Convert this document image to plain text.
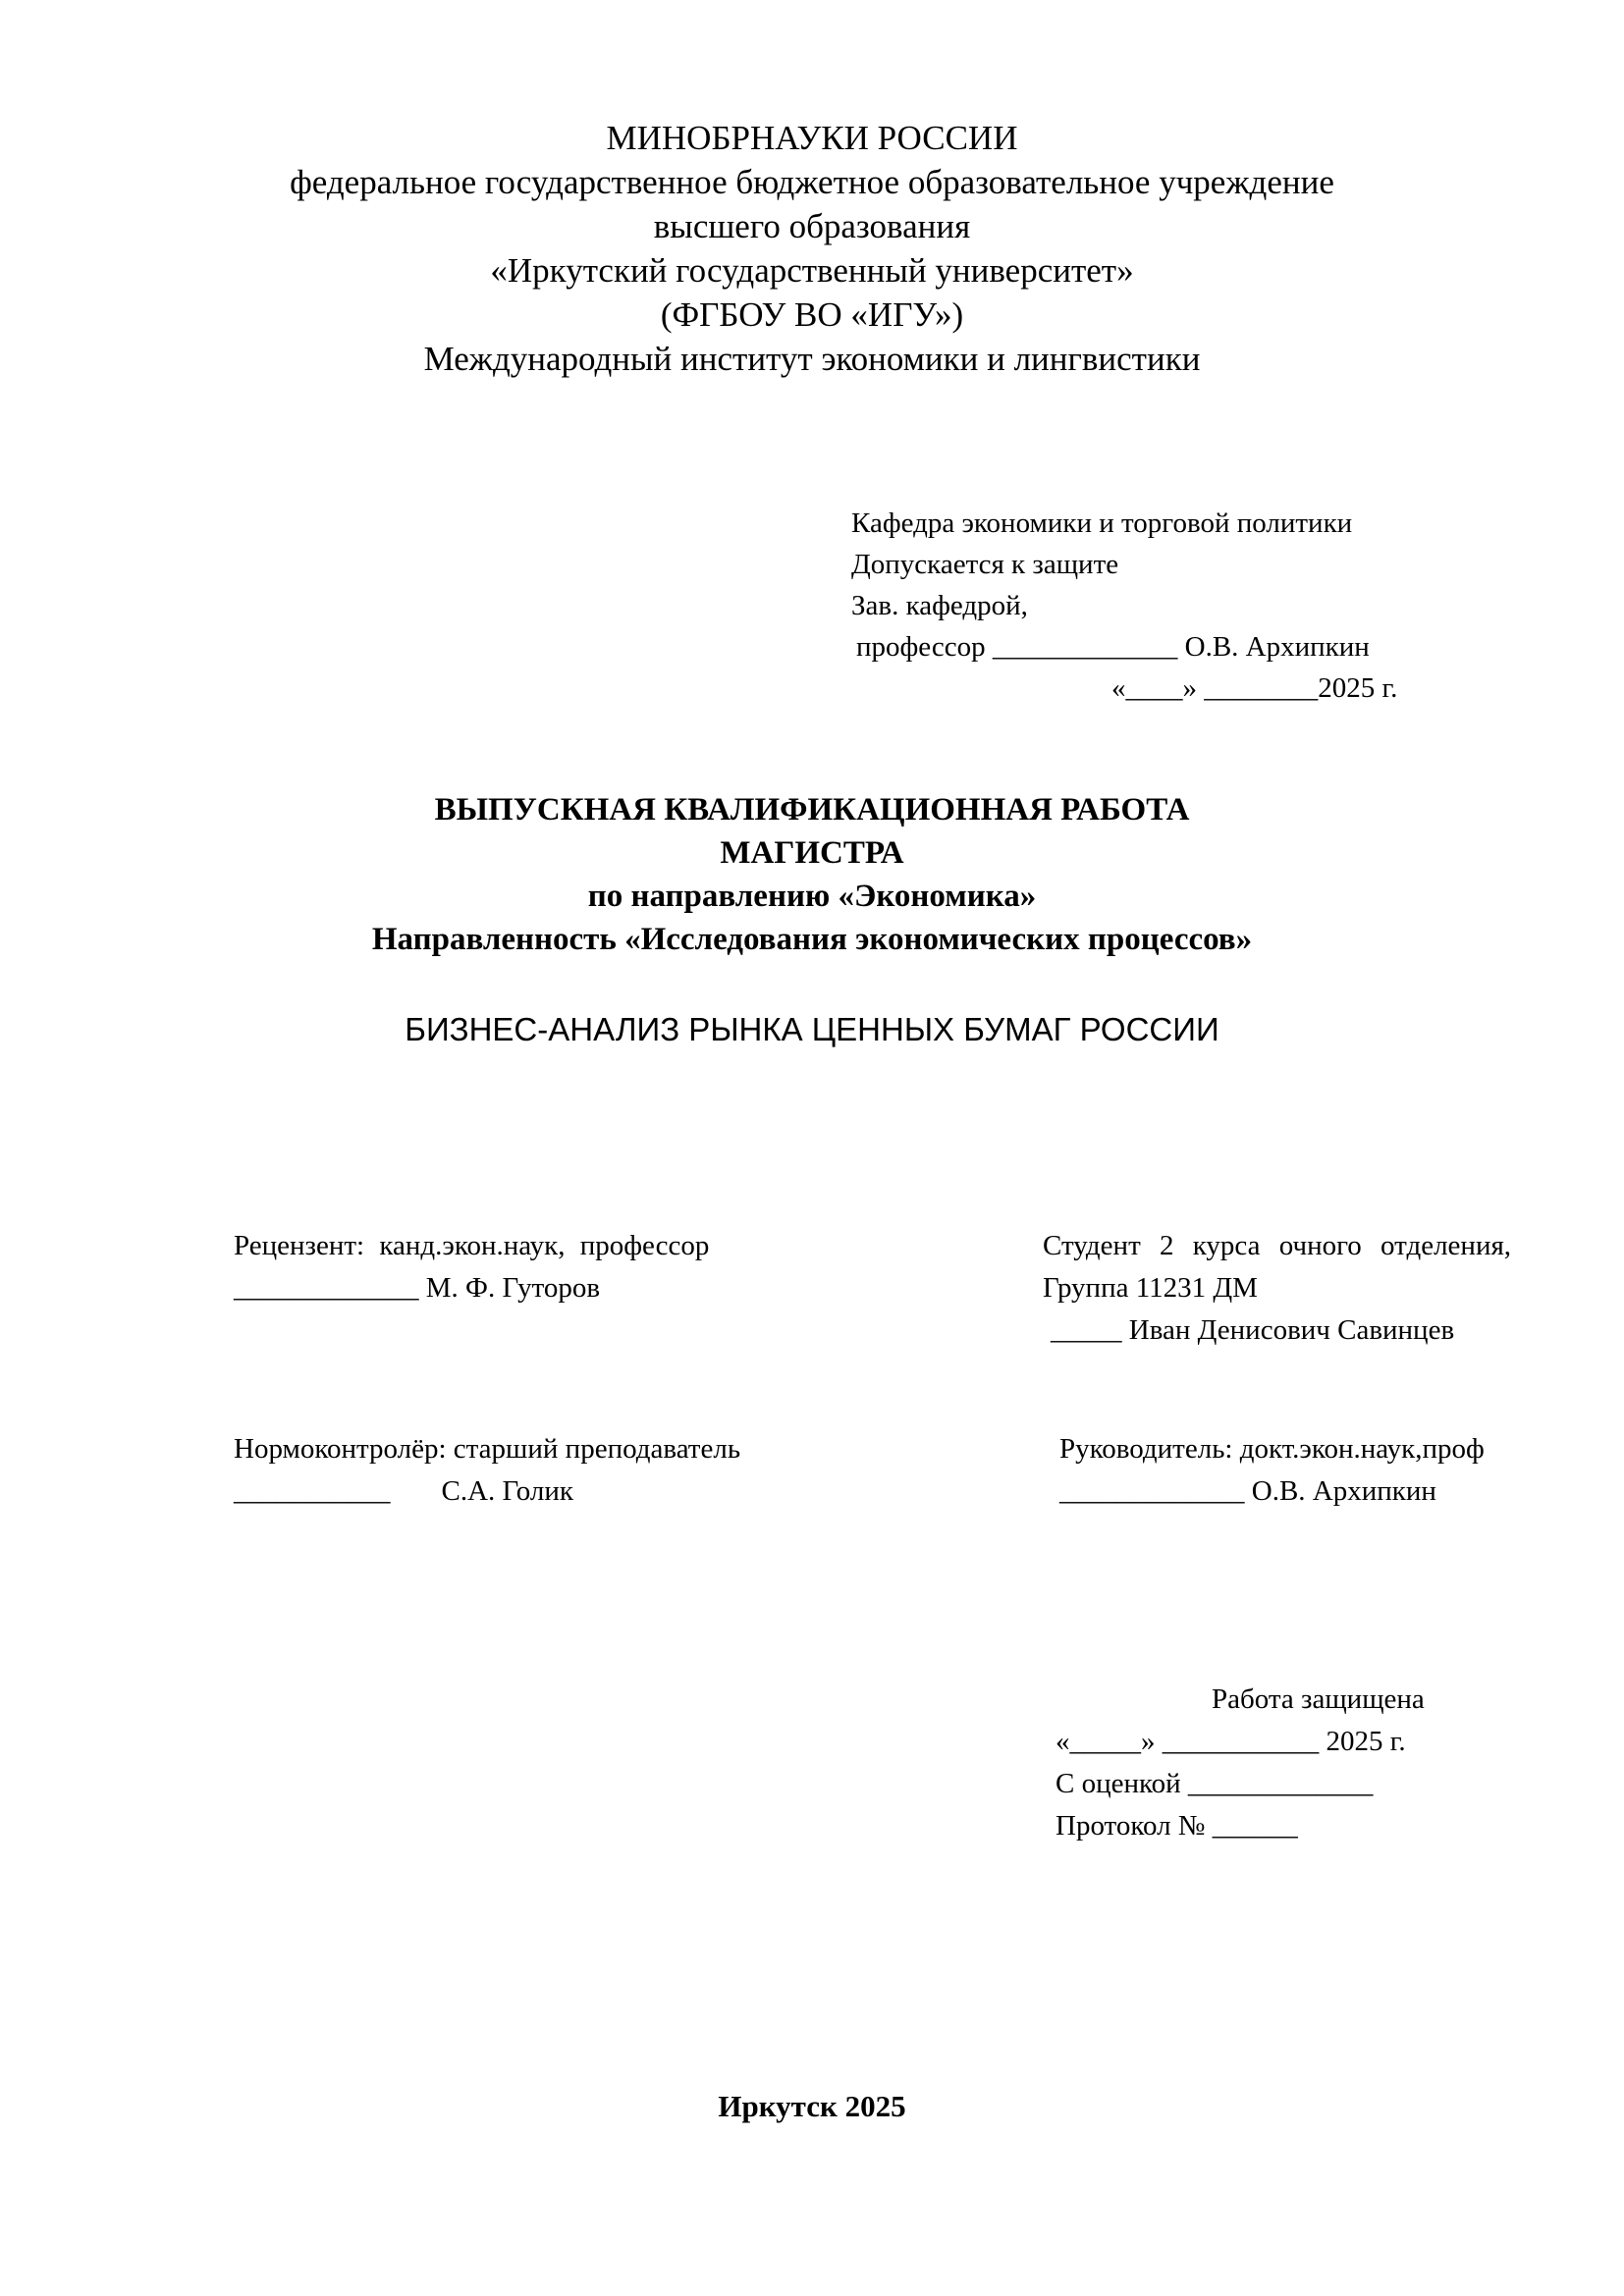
МИНОБРНАУКИ РОССИИ
федеральное государственное бюджетное образовательное учреждение
высшего образования
«Иркутский государственный университет»
(ФГБОУ ВО «ИГУ»)
Международный институт экономики и лингвистики
Кафедра экономики и торговой политики
Допускается к защите
Зав. кафедрой,
профессор _____________ О.В. Архипкин
«____» ________2025 г.
ВЫПУСКНАЯ КВАЛИФИКАЦИОННАЯ РАБОТА
МАГИСТРА
по направлению «Экономика»
Направленность «Исследования экономических процессов»
БИЗНЕС-АНАЛИЗ РЫНКА ЦЕННЫХ БУМАГ РОССИИ
Рецензент: канд.экон.наук, профессор
_____________ М. Ф. Гуторов
Студент 2 курса очного отделения,
Группа 11231 ДМ
_____ Иван Денисович Савинцев
Нормоконтролёр: старший преподаватель
___________ С.А. Голик
Руководитель: докт.экон.наук,проф
_____________ О.В. Архипкин
Работа защищена
«_____» ___________ 2025 г.
С оценкой _____________
Протокол № ______
Иркутск 2025
